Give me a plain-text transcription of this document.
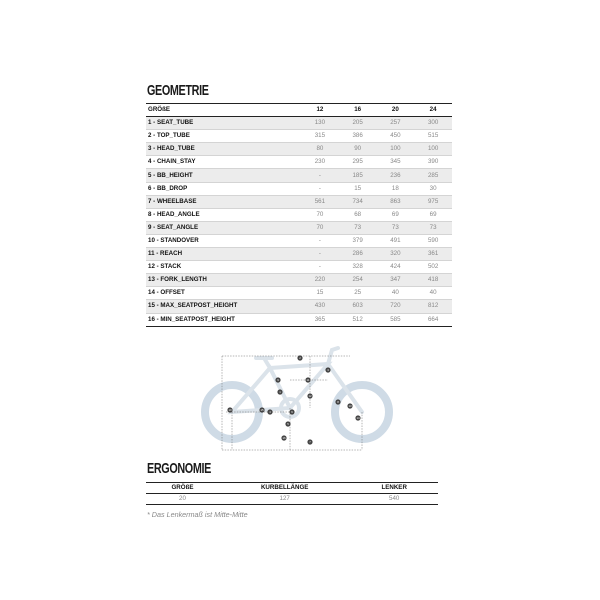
GEOMETRIE
GRÖßE	12	16	20	24
1 - SEAT_TUBE	130	205	257	300
2 - TOP_TUBE	315	386	450	515
3 - HEAD_TUBE	80	90	100	100
4 - CHAIN_STAY	230	295	345	390
5 - BB_HEIGHT	-	185	236	285
6 - BB_DROP	-	15	18	30
7 - WHEELBASE	561	734	863	975
8 - HEAD_ANGLE	70	68	69	69
9 - SEAT_ANGLE	70	73	73	73
10 - STANDOVER	-	379	491	590
11 - REACH	-	286	320	361
12 - STACK	-	328	424	502
13 - FORK_LENGTH	220	254	347	418
14 - OFFSET	15	25	40	40
15 - MAX_SEATPOST_HEIGHT	430	603	720	812
16 - MIN_SEATPOST_HEIGHT	365	512	585	664
1
2
3
4
5
6
7
8
9
10
11
12
13
14
15
16
ERGONOMIE
GRÖßE	KURBELLÄNGE	LENKER
20	127	540
* Das Lenkermaß ist Mitte-Mitte
